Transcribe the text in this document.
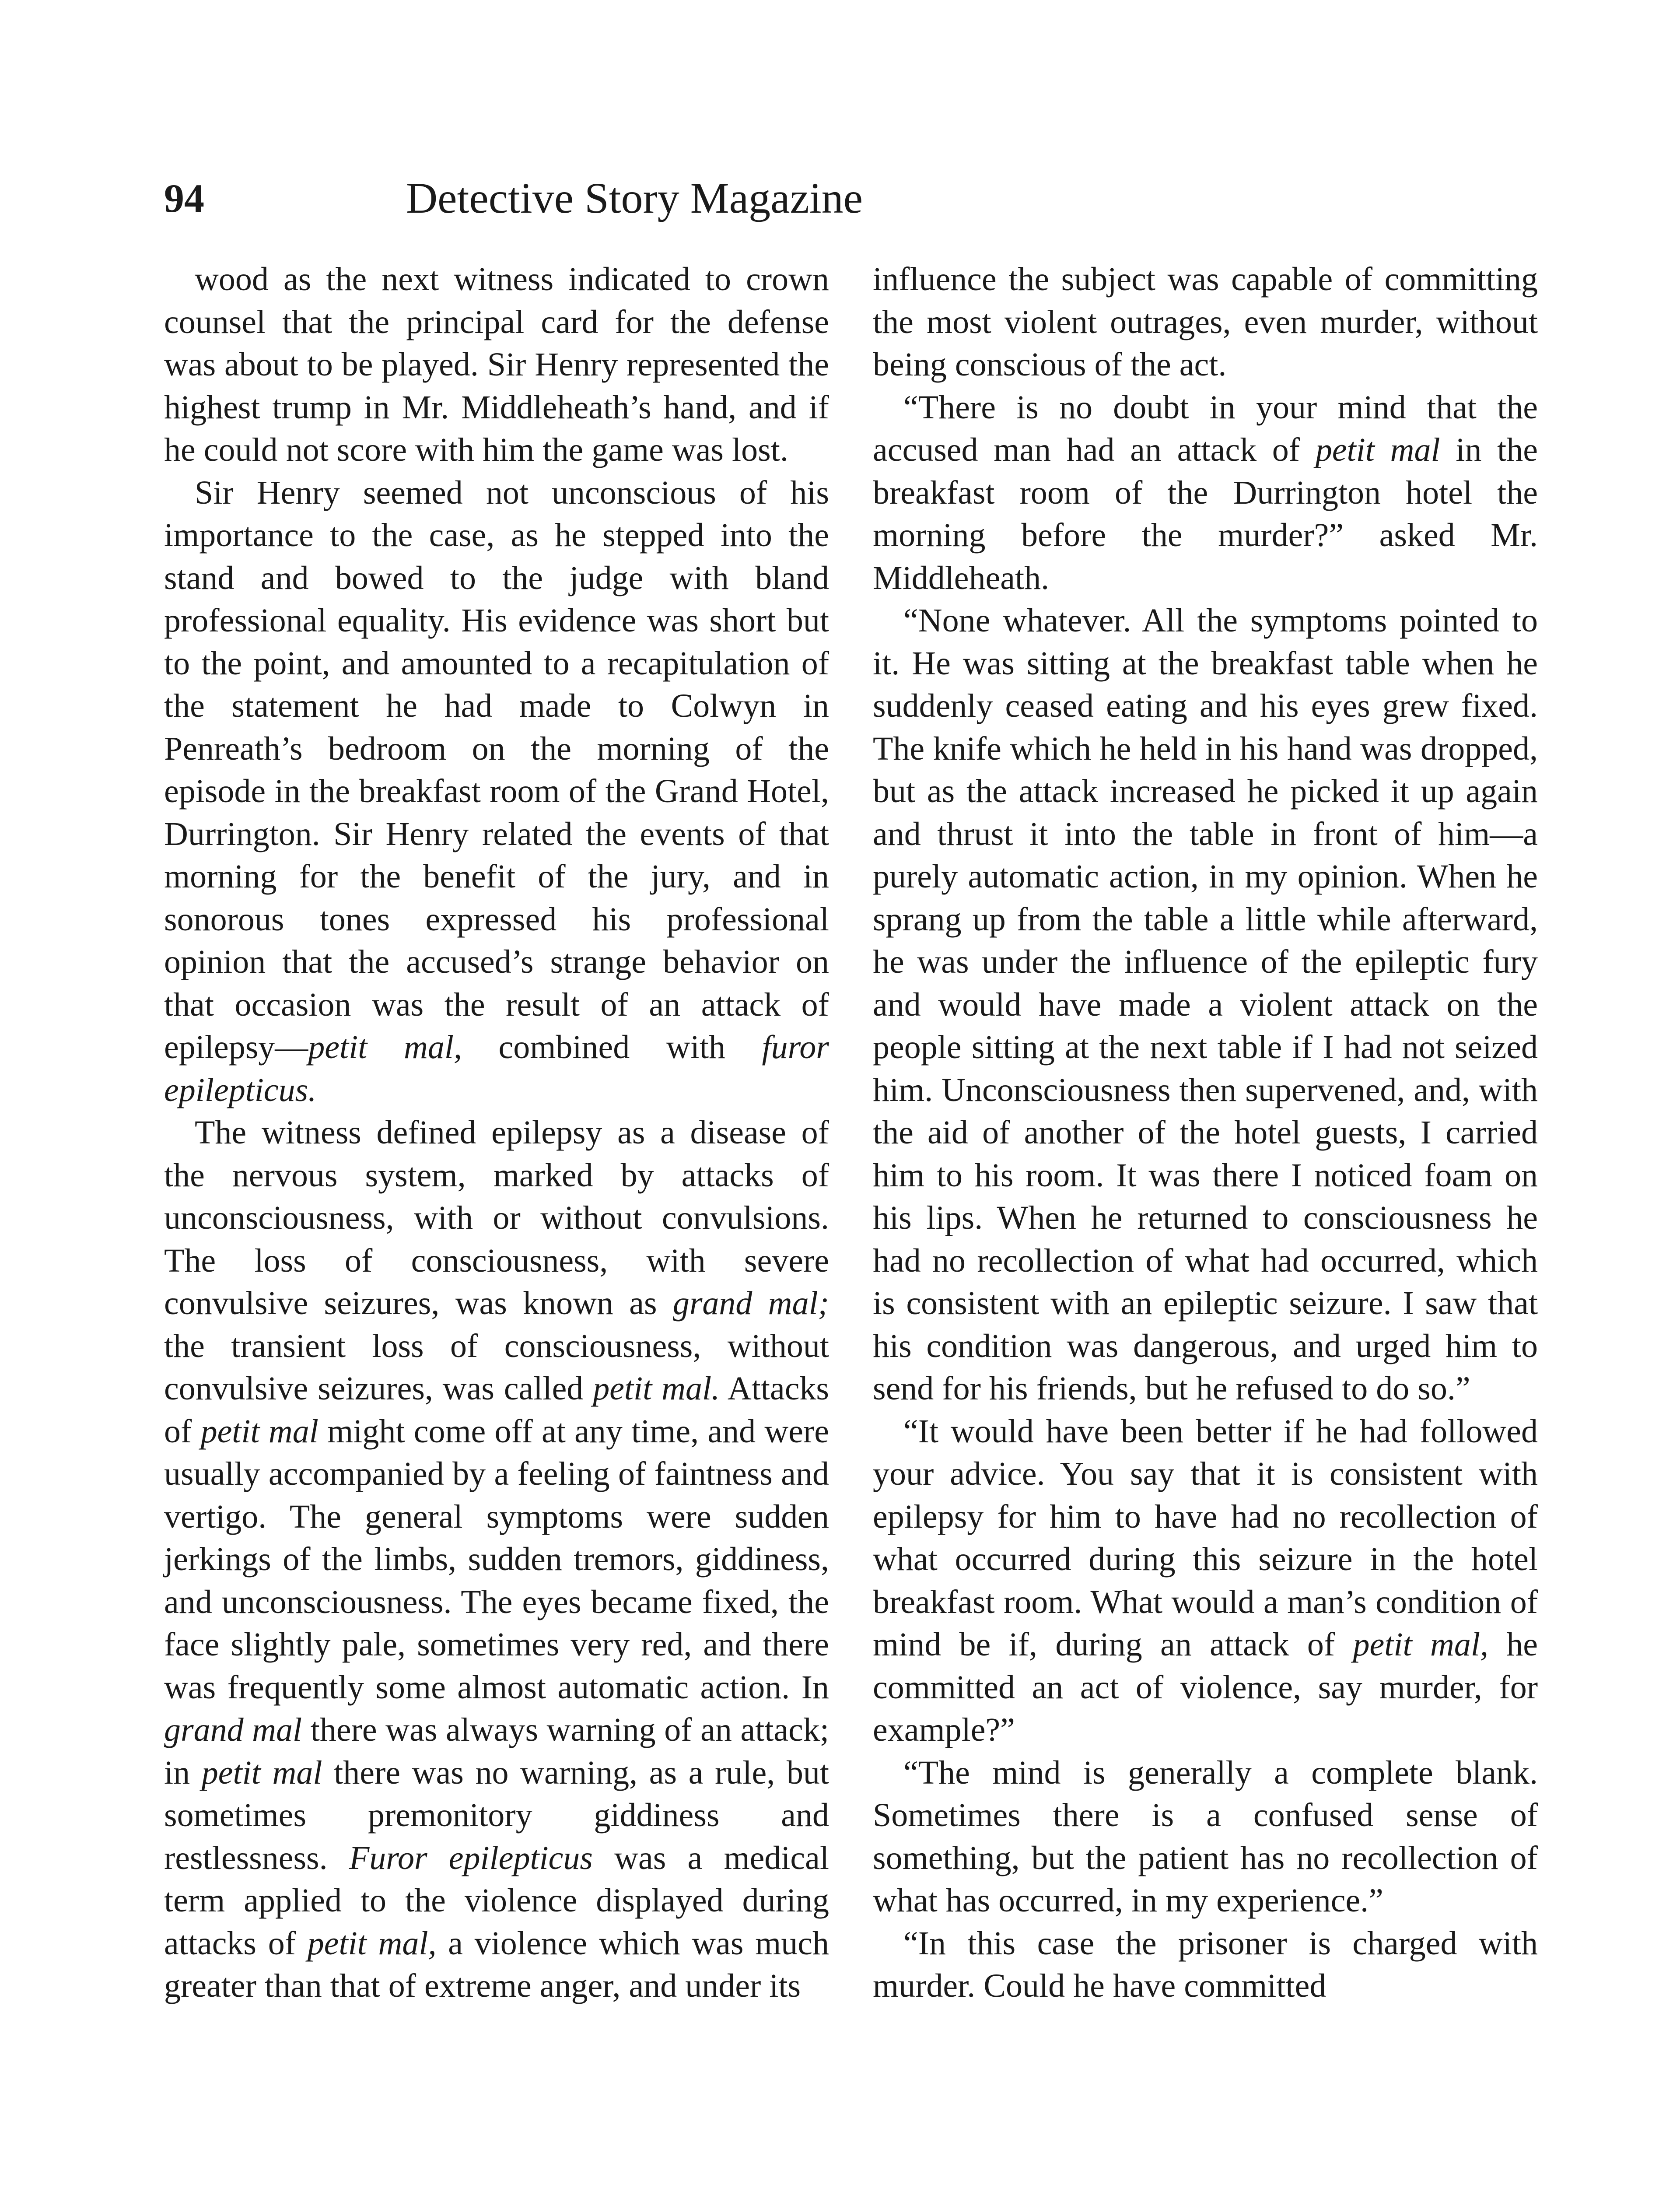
94	Detective Story Magazine

wood as the next witness indicated to crown counsel that the principal card for the defense was about to be played. Sir Henry represented the highest trump in Mr. Middleheath’s hand, and if he could not score with him the game was lost.

Sir Henry seemed not unconscious of his importance to the case, as he stepped into the stand and bowed to the judge with bland professional equality. His evidence was short but to the point, and amounted to a recapitulation of the statement he had made to Colwyn in Penreath’s bedroom on the morning of the episode in the breakfast room of the Grand Hotel, Durrington. Sir Henry related the events of that morning for the benefit of the jury, and in sonorous tones expressed his professional opinion that the accused’s strange behavior on that occasion was the result of an attack of epilepsy—petit mal, combined with furor epilepticus.

The witness defined epilepsy as a disease of the nervous system, marked by attacks of unconsciousness, with or without convulsions. The loss of consciousness, with severe convulsive seizures, was known as grand mal; the transient loss of consciousness, without convulsive seizures, was called petit mal. Attacks of petit mal might come off at any time, and were usually accompanied by a feeling of faintness and vertigo. The general symptoms were sudden jerkings of the limbs, sudden tremors, giddiness, and unconsciousness. The eyes became fixed, the face slightly pale, sometimes very red, and there was frequently some almost automatic action. In grand mal there was always warning of an attack; in petit mal there was no warning, as a rule, but sometimes premonitory giddiness and restlessness. Furor epilepticus was a medical term applied to the violence displayed during attacks of petit mal, a violence which was much greater than that of extreme anger, and under its

influence the subject was capable of committing the most violent outrages, even murder, without being conscious of the act.

“There is no doubt in your mind that the accused man had an attack of petit mal in the breakfast room of the Durrington hotel the morning before the murder?” asked Mr. Middleheath.

“None whatever. All the symptoms pointed to it. He was sitting at the breakfast table when he suddenly ceased eating and his eyes grew fixed. The knife which he held in his hand was dropped, but as the attack increased he picked it up again and thrust it into the table in front of him—a purely automatic action, in my opinion. When he sprang up from the table a little while afterward, he was under the influence of the epileptic fury and would have made a violent attack on the people sitting at the next table if I had not seized him. Unconsciousness then supervened, and, with the aid of another of the hotel guests, I carried him to his room. It was there I noticed foam on his lips. When he returned to consciousness he had no recollection of what had occurred, which is consistent with an epileptic seizure. I saw that his condition was dangerous, and urged him to send for his friends, but he refused to do so.”

“It would have been better if he had followed your advice. You say that it is consistent with epilepsy for him to have had no recollection of what occurred during this seizure in the hotel breakfast room. What would a man’s condition of mind be if, during an attack of petit mal, he committed an act of violence, say murder, for example?”

“The mind is generally a complete blank. Sometimes there is a confused sense of something, but the patient has no recollection of what has occurred, in my experience.”

“In this case the prisoner is charged with murder. Could he have committed
